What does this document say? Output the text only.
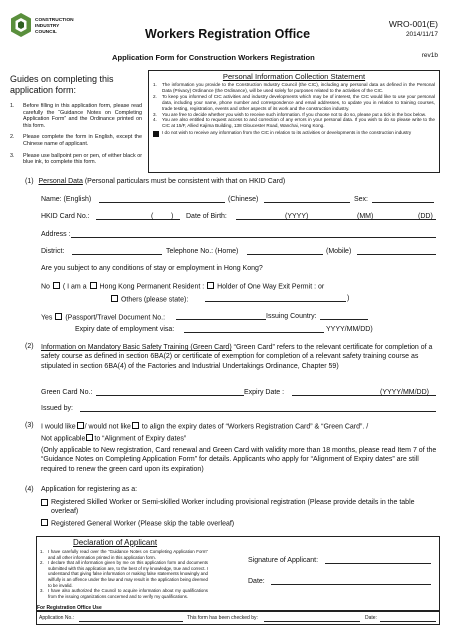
CONSTRUCTION INDUSTRY COUNCIL	Workers Registration Office
WRO-001(E)
2014/11/17
rev1b
Application Form for Construction Workers Registration
Guides on completing this application form:
1. Before filling in this application form, please read carefully the “Guidance Notes on Completing Application Form” and the Ordinance printed on this form.
2. Please complete the form in English, except the Chinese name of applicant.
3. Please use ballpoint pen or pen, of either black or blue ink, to complete this form.
Personal Information Collection Statement
1. The information you provide to the Construction Industry Council (the CIC), including any personal data as defined in the Personal Data (Privacy) Ordinance (the Ordinance), will be used solely for purposes related to the activities of the CIC.
2. To keep you informed of CIC activities and industry developments which may be of interest, the CIC would like to use your personal data, including your name, phone number and correspondence and email addresses, to update you in relation to training courses, trade testing, registration, events and other aspects of its work and the construction industry.
3. You are free to decide whether you wish to receive such information. If you choose not to do so, please put a tick in the box below.
4. You are also entitled to request access to and correction of any errors in your personal data. If you wish to do so please write to the CIC at 15/F, Allied Kajima Building, 138 Gloucester Road, Wanchai, Hong Kong.
I do not wish to receive any information from the CIC in relation to its activities or developments in the construction industry
(1) Personal Data (Personal particulars must be consistent with that on HKID Card)
Name: (English)	(Chinese)	Sex:
HKID Card No.:	(	) Date of Birth:	(YYYY)	(MM)	(DD)
Address :
District:	Telephone No.: (Home)	(Mobile)
Are you subject to any conditions of stay or employment in Hong Kong?
No ( I am a Hong Kong Permanent Resident : Holder of One Way Exit Permit : or
Others (please state):	)
Yes (Passport/Travel Document No.:	Issuing Country:
Expiry date of employment visa:	YYYY/MM/DD)
(2) Information on Mandatory Basic Safety Training (Green Card) “Green Card” refers to the relevant certificate for completion of a safety course as defined in section 6BA(2) or certificate of exemption for completion of a relevant safety training course as stipulated in section 6BA(4) of the Factories and Industrial Undertakings Ordinance, Chapter 59)
Green Card No.:	Expiry Date :	(YYYY/MM/DD)
Issued by:
(3) I would like / would not like to align the expiry dates of “Workers Registration Card” & “Green Card”. /
Not applicable to “Alignment of Expiry dates”
(Only applicable to New registration, Card renewal and Green Card with validity more than 18 months, please read Item 7 of the “Guidance Notes on Completing Application Form” for details. Applicants who apply for “Alignment of Expiry dates” are still required to renew the green card upon its expiration)
(4) Application for registering as a:
Registered Skilled Worker or Semi-skilled Worker including provisional registration (Please provide details in the table overleaf)
Registered General Worker (Please skip the table overleaf)
Declaration of Applicant
1. I have carefully read over the “Guidance Notes on Completing Application Form” and all other information printed in this application form.
2. I declare that all information given by me on this application form and documents submitted with this application are, to the best of my knowledge, true and correct. I understand that giving false information or making false statements knowingly and wilfully is an offence under the law and may result in the application being deemed to be invalid.
3. I have also authorized the Council to acquire information about my qualifications from the issuing organizations concerned and to verify my qualifications.
Signature of Applicant:
Date:
For Registration Office Use
Application No.:	This form has been checked by:	Date:
